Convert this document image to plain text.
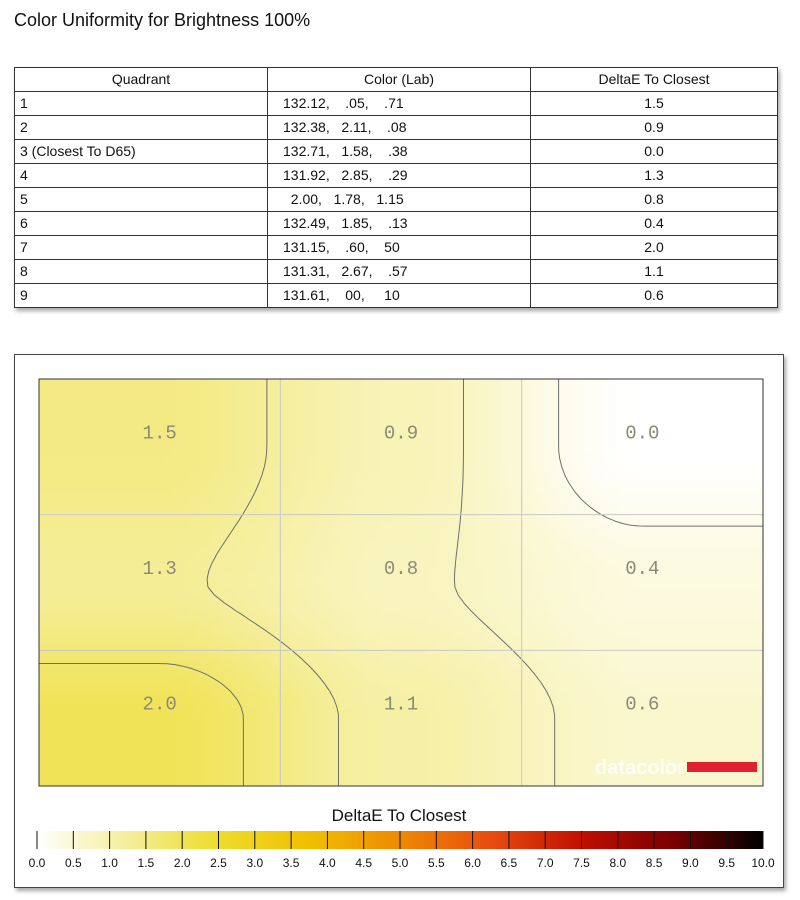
Color Uniformity for Brightness 100%
Quadrant	Color (Lab)	DeltaE To Closest
1	132.12,    .05,    .71	1.5
2	132.38,   2.11,    .08	0.9
3 (Closest To D65)	132.71,   1.58,    .38	0.0
4	131.92,   2.85,    .29	1.3
5	2.00,   1.78,   1.15	0.8
6	132.49,   1.85,    .13	0.4
7	131.15,    .60,    50	2.0
8	131.31,   2.67,    .57	1.1
9	131.61,    00,     10	0.6
1.5	0.9	0.0
1.3	0.8	0.4
2.0	1.1	0.6
datacolor
DeltaE To Closest
0.0 0.5 1.0 1.5 2.0 2.5 3.0 3.5 4.0 4.5 5.0 5.5 6.0 6.5 7.0 7.5 8.0 8.5 9.0 9.5 10.0
